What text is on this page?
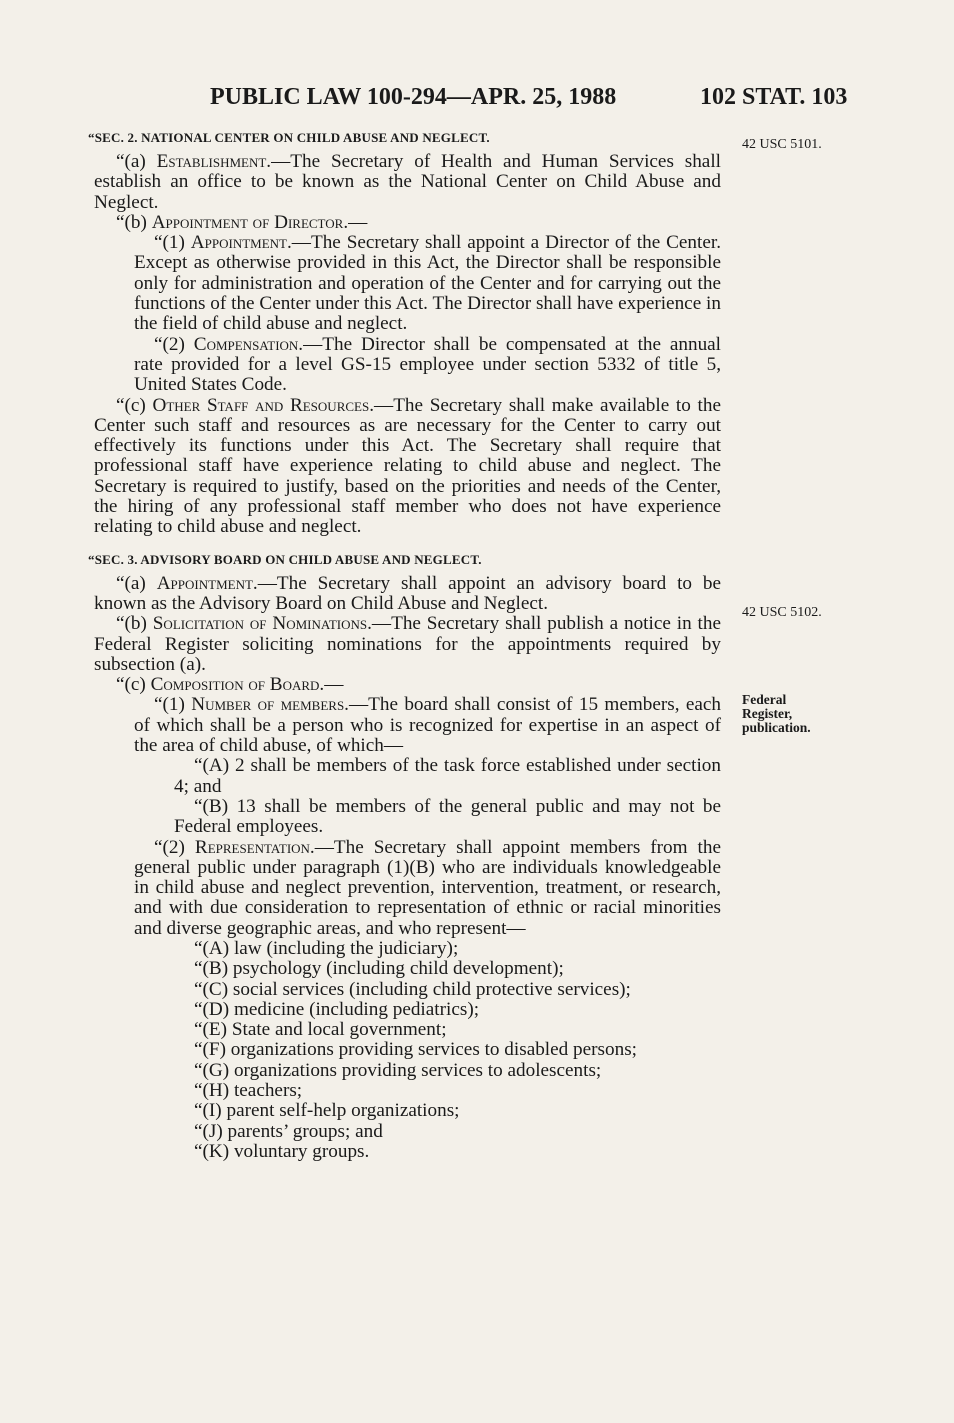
PUBLIC LAW 100-294—APR. 25, 1988	102 STAT. 103
42 USC 5101.
42 USC 5102.
Federal
Register,
publication.

“SEC. 2. NATIONAL CENTER ON CHILD ABUSE AND NEGLECT.

“(a) Establishment.—The Secretary of Health and Human Services shall establish an office to be known as the National Center on Child Abuse and Neglect.

“(b) Appointment of Director.—

“(1) Appointment.—The Secretary shall appoint a Director of the Center. Except as otherwise provided in this Act, the Director shall be responsible only for administration and operation of the Center and for carrying out the functions of the Center under this Act. The Director shall have experience in the field of child abuse and neglect.

“(2) Compensation.—The Director shall be compensated at the annual rate provided for a level GS-15 employee under section 5332 of title 5, United States Code.

“(c) Other Staff and Resources.—The Secretary shall make available to the Center such staff and resources as are necessary for the Center to carry out effectively its functions under this Act. The Secretary shall require that professional staff have experience relating to child abuse and neglect. The Secretary is required to justify, based on the priorities and needs of the Center, the hiring of any professional staff member who does not have experience relating to child abuse and neglect.

“SEC. 3. ADVISORY BOARD ON CHILD ABUSE AND NEGLECT.

“(a) Appointment.—The Secretary shall appoint an advisory board to be known as the Advisory Board on Child Abuse and Neglect.

“(b) Solicitation of Nominations.—The Secretary shall publish a notice in the Federal Register soliciting nominations for the appointments required by subsection (a).

“(c) Composition of Board.—

“(1) Number of members.—The board shall consist of 15 members, each of which shall be a person who is recognized for expertise in an aspect of the area of child abuse, of which—

“(A) 2 shall be members of the task force established under section 4; and

“(B) 13 shall be members of the general public and may not be Federal employees.

“(2) Representation.—The Secretary shall appoint members from the general public under paragraph (1)(B) who are individuals knowledgeable in child abuse and neglect prevention, intervention, treatment, or research, and with due consideration to representation of ethnic or racial minorities and diverse geographic areas, and who represent—

“(A) law (including the judiciary);

“(B) psychology (including child development);

“(C) social services (including child protective services);

“(D) medicine (including pediatrics);

“(E) State and local government;

“(F) organizations providing services to disabled persons;

“(G) organizations providing services to adolescents;

“(H) teachers;

“(I) parent self-help organizations;

“(J) parents’ groups; and

“(K) voluntary groups.
